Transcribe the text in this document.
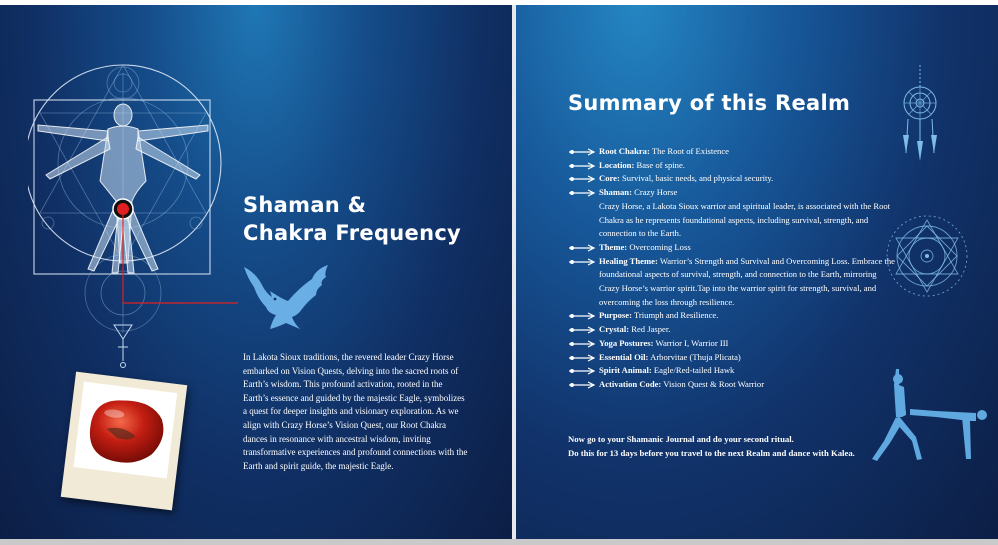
Shaman &
Chakra Frequency

In Lakota Sioux traditions, the revered leader Crazy Horse embarked on Vision Quests, delving into the sacred roots of Earth’s wisdom. This profound activation, rooted in the Earth’s essence and guided by the majestic Eagle, symbolizes a quest for deeper insights and visionary exploration. As we align with Crazy Horse’s Vision Quest, our Root Chakra dances in resonance with ancestral wisdom, inviting transformative experiences and profound connections with the Earth and spirit guide, the majestic Eagle.

Summary of this Realm
Root Chakra: The Root of Existence
Location: Base of spine.
Core: Survival, basic needs, and physical security.
Shaman: Crazy Horse
Crazy Horse, a Lakota Sioux warrior and spiritual leader, is associated with the Root Chakra as he represents foundational aspects, including survival, strength, and connection to the Earth.
Theme: Overcoming Loss
Healing Theme: Warrior’s Strength and Survival and Overcoming Loss. Embrace the foundational aspects of survival, strength, and connection to the Earth, mirroring Crazy Horse’s warrior spirit.Tap into the warrior spirit for strength, survival, and overcoming the loss through resilience.
Purpose: Triumph and Resilience.
Crystal: Red Jasper.
Yoga Postures: Warrior I, Warrior III
Essential Oil: Arborvitae (Thuja Plicata)
Spirit Animal: Eagle/Red-tailed Hawk
Activation Code: Vision Quest & Root Warrior

Now go to your Shamanic Journal and do your second ritual.
Do this for 13 days before you travel to the next Realm and dance with Kalea.
